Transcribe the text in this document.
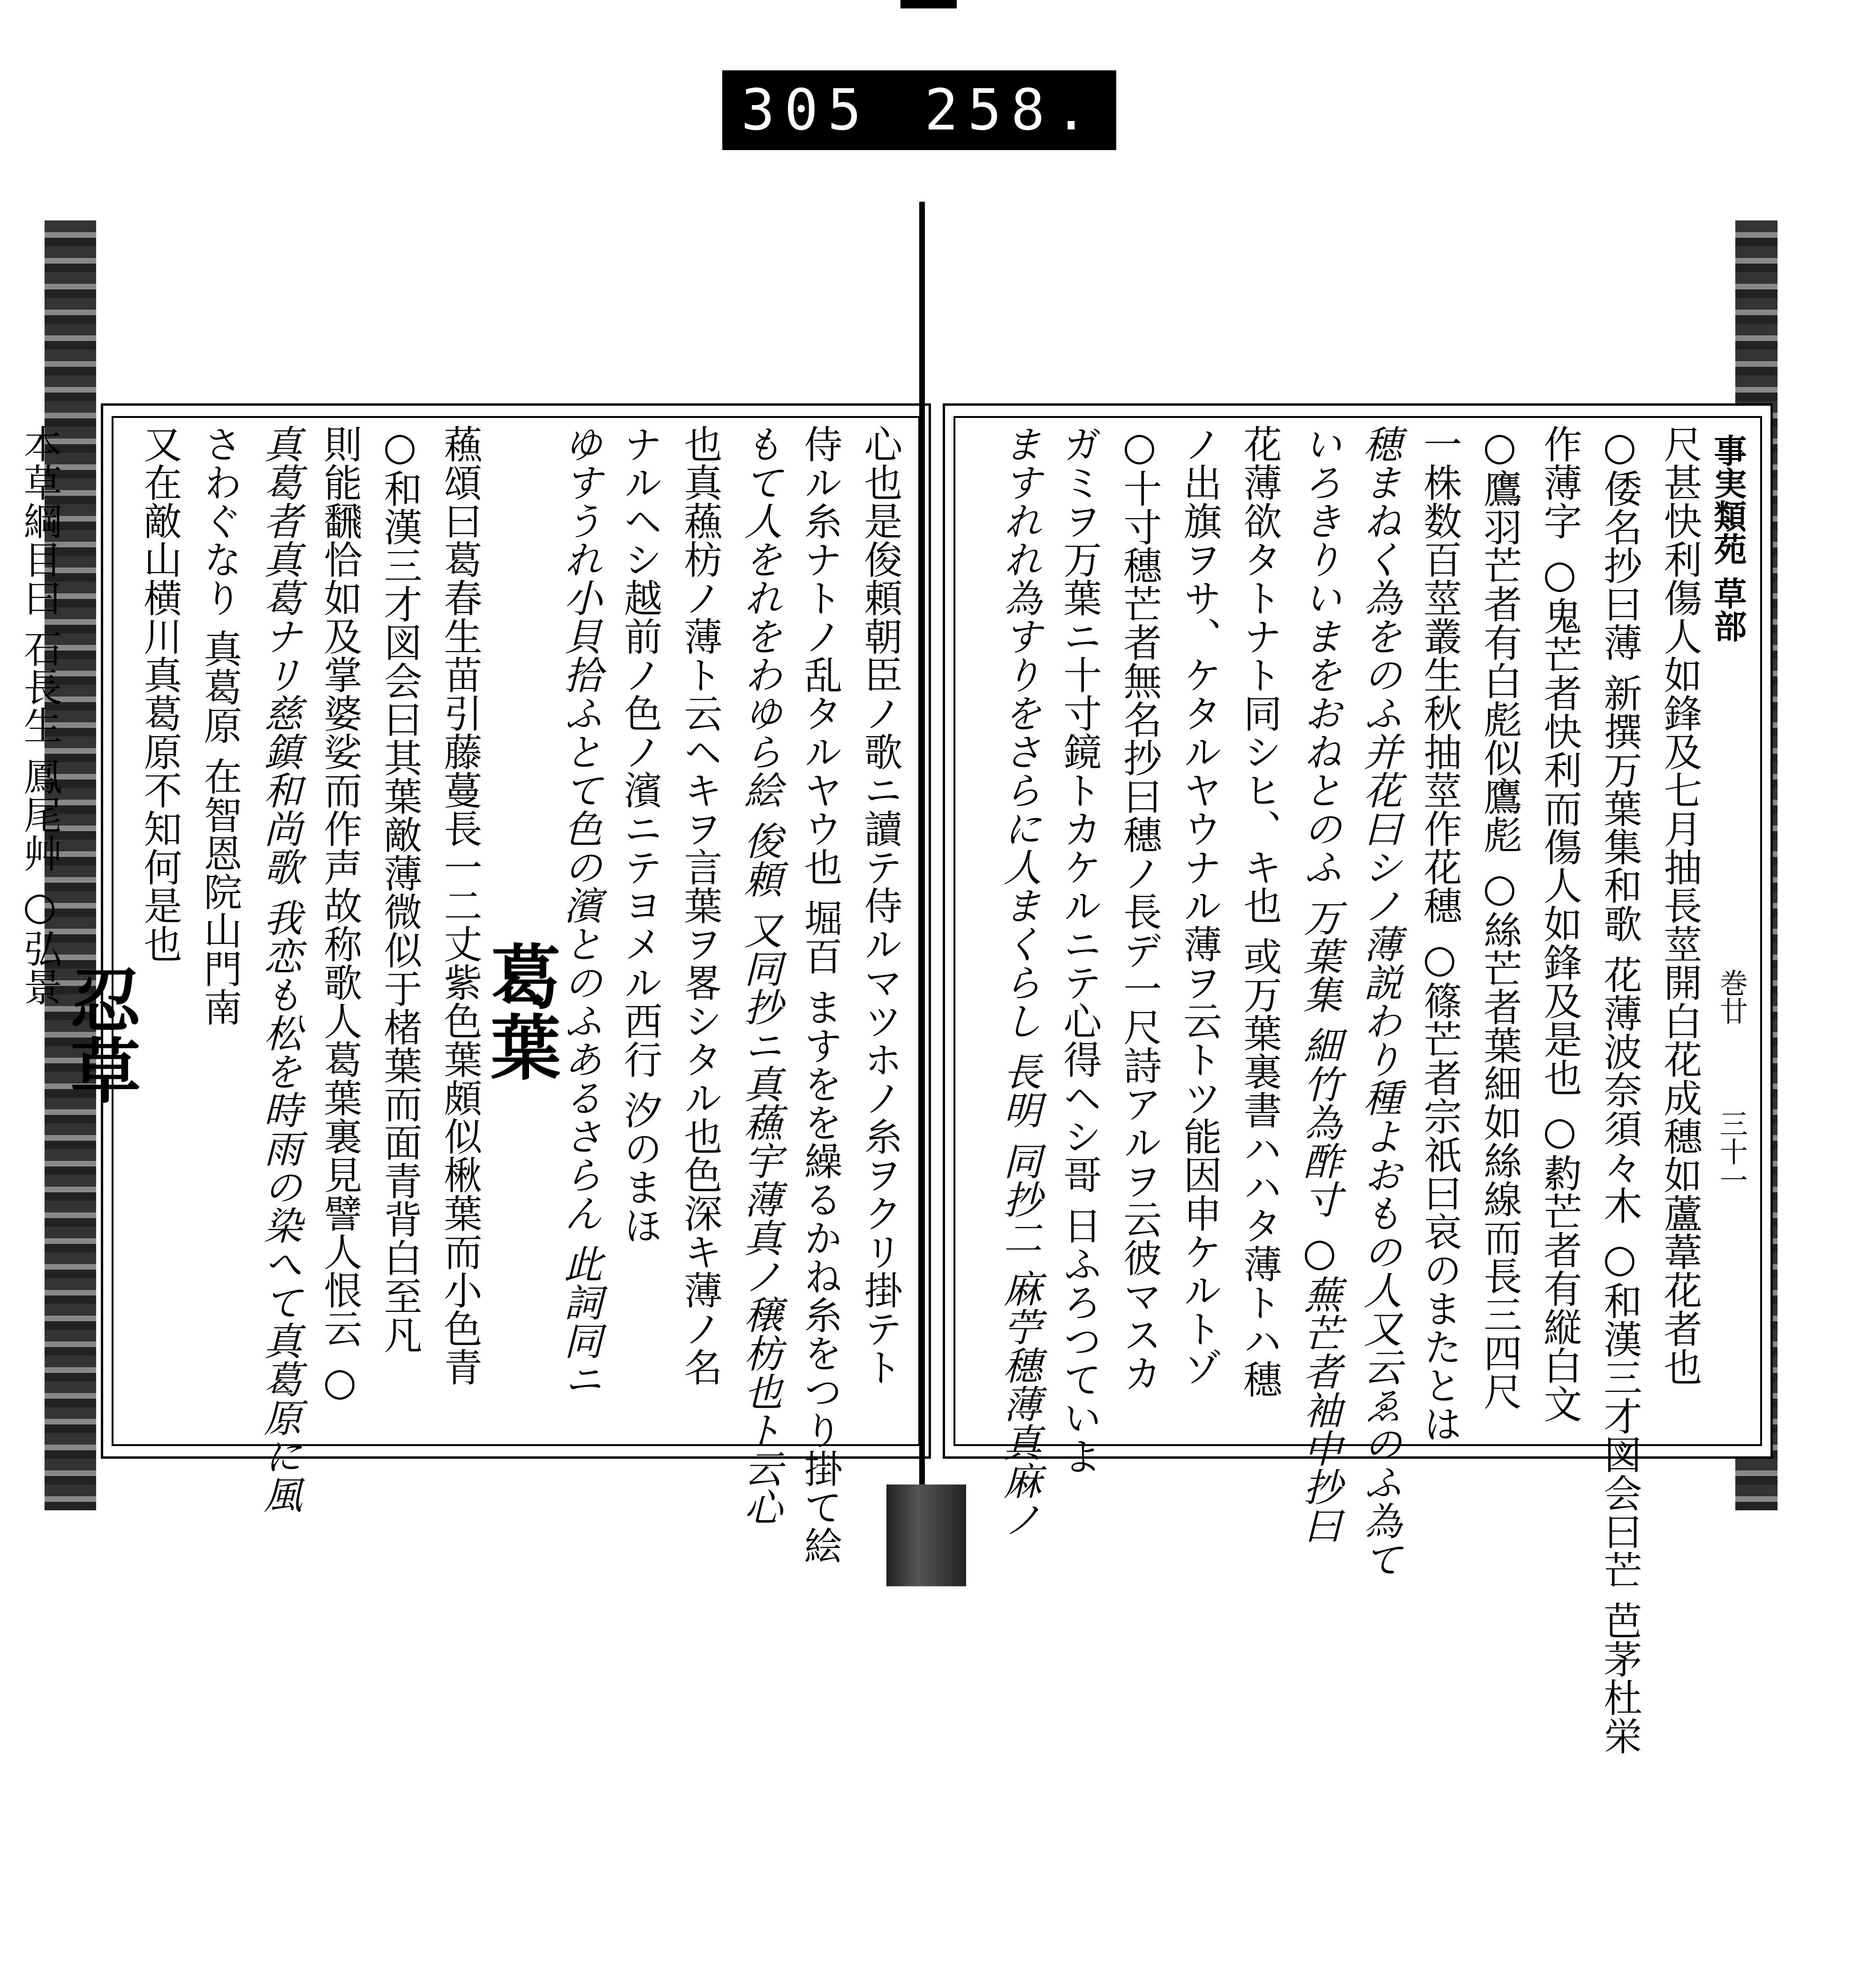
305 258.
心也是俊頼朝臣ノ歌ニ讀テ侍ルマツホノ糸ヲクリ掛テト
侍ル糸ナトノ乱タルヤウ也 堀百 ますをを繰るかね糸をつり掛て絵
もて人をれをわゆら絵 俊頼 又同抄ニ真蘓宇薄真ノ穣枋也ト云心
也真蘓枋ノ薄ト云ヘキヲ言葉ヲ畧シタル也色深キ薄ノ名
ナルヘシ越前ノ色ノ濱ニテヨメル西行 汐のまほ
ゆすうれ小貝拾ふとて色の濱とのふあるさらん 此詞同ニ
葛葉
蘓頌曰葛春生苗引藤蔓長一二丈紫色葉頗似楸葉而小色青
○和漢三才図会曰其葉敵薄微似于楮葉而面青背白至凡
則能飜恰如及掌婆娑而作声故称歌人葛葉裏見譬人恨云 ○
真葛者真葛ナリ慈鎮和尚歌 我恋も松を時雨の染へて真葛原に風
さわぐなり 真葛原 在智恩院山門南
又在敵山横川真葛原不知何是也
忍草
本草綱目曰 石長生 鳳尾艸 ○弘景	事実類苑 草部
巻廿
三十一
尺甚快利傷人如鋒及七月抽長莖開白花成穗如蘆葦花者也
○倭名抄曰薄 新撰万葉集和歌 花薄波奈須々木 ○和漢三才図会曰芒 芭茅杜栄
作薄字 ○鬼芒者快利而傷人如鋒及是也 ○䋤芒者有縦白文
○鷹羽芒者有白彪似鷹彪 ○絲芒者葉細如絲線而長三四尺
一株数百莖叢生秋抽莖作花穗 ○篠芒者宗祇曰哀のまたとは
穂まねく為をのふ并花曰シノ薄説わり種よおもの人又云ゑのふ為て
いろきりいまをおねとのふ 万葉集 細竹為酢寸 ○蕪芒者袖中抄曰
花薄欲タトナト同シヒ、キ也 或万葉裏書ハハタ薄トハ穗
ノ出旗ヲサ、ケタルヤウナル薄ヲ云トツ能因申ケルトゾ
○十寸穗芒者無名抄曰穗ノ長デ一尺詩アルヲ云彼マスカ
ガミヲ万葉ニ十寸鏡トカケルニテ心得ヘシ哥 日ふろつていよ
ますれれ為すりをさらに人まくらし 長明 同抄二 麻苧穗薄真麻ノ
